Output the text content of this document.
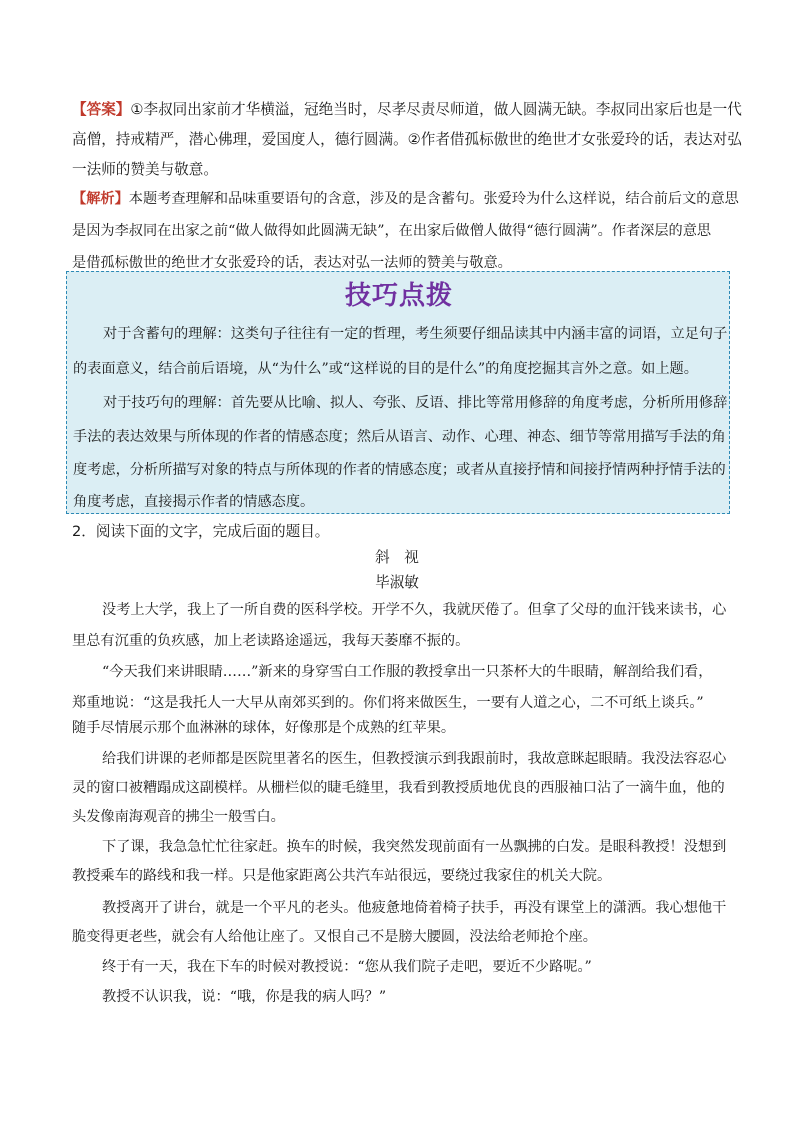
【答案】①李叔同出家前才华横溢，冠绝当时，尽孝尽责尽师道，做人圆满无缺。李叔同出家后也是一代
高僧，持戒精严，潜心佛理，爱国度人，德行圆满。②作者借孤标傲世的绝世才女张爱玲的话，表达对弘
一法师的赞美与敬意。
【解析】本题考查理解和品味重要语句的含意，涉及的是含蓄句。张爱玲为什么这样说，结合前后文的意思
是因为李叔同在出家之前“做人做得如此圆满无缺”，在出家后做僧人做得“德行圆满”。作者深层的意思
是借孤标傲世的绝世才女张爱玲的话，表达对弘一法师的赞美与敬意。
技巧点拨
对于含蓄句的理解：这类句子往往有一定的哲理，考生须要仔细品读其中内涵丰富的词语，立足句子
的表面意义，结合前后语境，从“为什么”或“这样说的目的是什么”的角度挖掘其言外之意。如上题。
对于技巧句的理解：首先要从比喻、拟人、夸张、反语、排比等常用修辞的角度考虑，分析所用修辞
手法的表达效果与所体现的作者的情感态度；然后从语言、动作、心理、神态、细节等常用描写手法的角
度考虑，分析所描写对象的特点与所体现的作者的情感态度；或者从直接抒情和间接抒情两种抒情手法的
角度考虑，直接揭示作者的情感态度。
2．阅读下面的文字，完成后面的题目。
斜　视
毕淑敏
没考上大学，我上了一所自费的医科学校。开学不久，我就厌倦了。但拿了父母的血汗钱来读书，心
里总有沉重的负疚感，加上老读路途遥远，我每天萎靡不振的。
“今天我们来讲眼睛……”新来的身穿雪白工作服的教授拿出一只茶杯大的牛眼睛，解剖给我们看，
郑重地说：“这是我托人一大早从南郊买到的。你们将来做医生，一要有人道之心，二不可纸上谈兵。”
随手尽情展示那个血淋淋的球体，好像那是个成熟的红苹果。
给我们讲课的老师都是医院里著名的医生，但教授演示到我跟前时，我故意眯起眼睛。我没法容忍心
灵的窗口被糟蹋成这副模样。从栅栏似的睫毛缝里，我看到教授质地优良的西服袖口沾了一滴牛血，他的
头发像南海观音的拂尘一般雪白。
下了课，我急急忙忙往家赶。换车的时候，我突然发现前面有一丛飘拂的白发。是眼科教授！没想到
教授乘车的路线和我一样。只是他家距离公共汽车站很远，要绕过我家住的机关大院。
教授离开了讲台，就是一个平凡的老头。他疲惫地倚着椅子扶手，再没有课堂上的潇洒。我心想他干
脆变得更老些，就会有人给他让座了。又恨自己不是膀大腰圆，没法给老师抢个座。
终于有一天，我在下车的时候对教授说：“您从我们院子走吧，要近不少路呢。”
教授不认识我，说：“哦，你是我的病人吗？”
